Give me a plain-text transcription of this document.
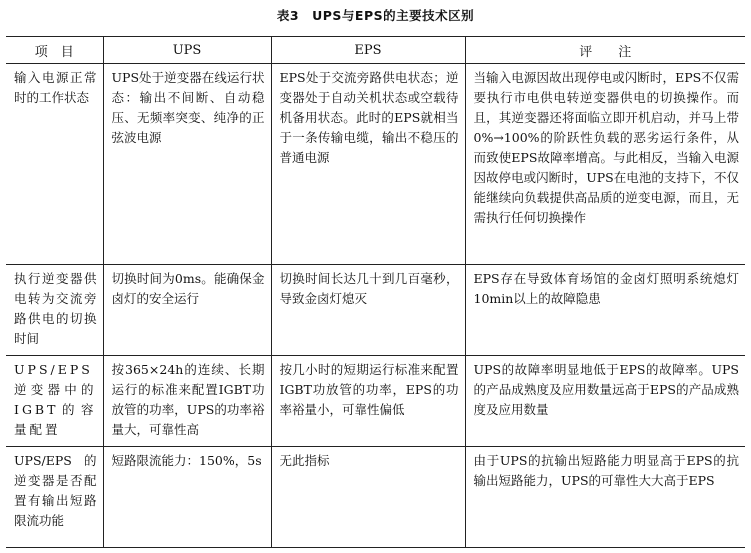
表3　UPS与EPS的主要技术区别
项　目	UPS	EPS	评　　注
输入电源正常时的工作状态	UPS处于逆变器在线运行状态：输出不间断、自动稳压、无频率突变、纯净的正弦波电源	EPS处于交流旁路供电状态；逆变器处于自动关机状态或空载待机备用状态。此时的EPS就相当于一条传输电缆，输出不稳压的普通电源	当输入电源因故出现停电或闪断时，EPS不仅需要执行市电供电转逆变器供电的切换操作。而且，其逆变器还将面临立即开机启动，并马上带0%→100%的阶跃性负载的恶劣运行条件，从而致使EPS故障率增高。与此相反，当输入电源因故停电或闪断时，UPS在电池的支持下，不仅能继续向负载提供高品质的逆变电源，而且，无需执行任何切换操作
执行逆变器供电转为交流旁路供电的切换时间	切换时间为0ms。能确保金卤灯的安全运行	切换时间长达几十到几百毫秒，导致金卤灯熄灭	EPS存在导致体育场馆的金卤灯照明系统熄灯10min以上的故障隐患
UPS/EPS逆变器中的IGBT的容量配置	按365×24h的连续、长期运行的标准来配置IGBT功放管的功率，UPS的功率裕量大，可靠性高	按几小时的短期运行标准来配置IGBT功放管的功率，EPS的功率裕量小，可靠性偏低	UPS的故障率明显地低于EPS的故障率。UPS的产品成熟度及应用数量远高于EPS的产品成熟度及应用数量
UPS/EPS的逆变器是否配置有输出短路限流功能	短路限流能力：150%，5s	无此指标	由于UPS的抗输出短路能力明显高于EPS的抗输出短路能力，UPS的可靠性大大高于EPS
